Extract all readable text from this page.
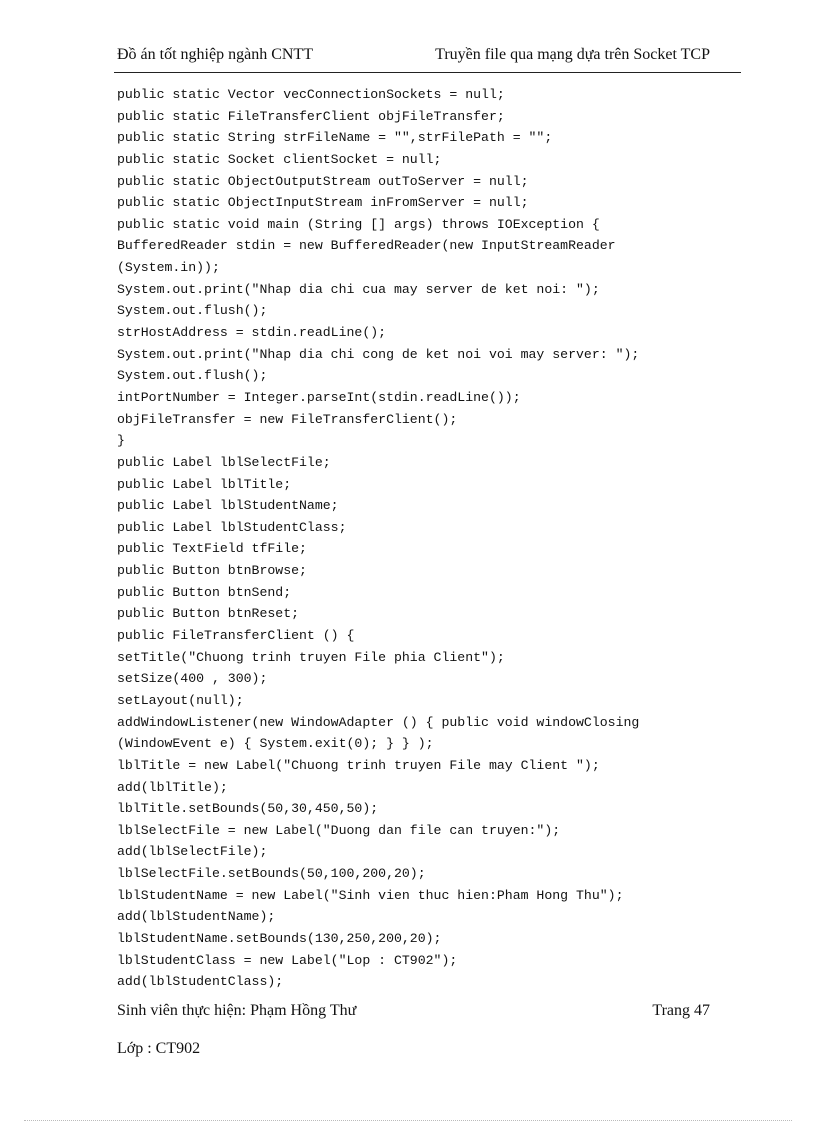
Đồ án tốt nghiệp ngành CNTT	Truyền file qua mạng dựa trên Socket TCP
public static Vector vecConnectionSockets = null;
public static FileTransferClient objFileTransfer;
public static String strFileName = "",strFilePath = "";
public static Socket clientSocket = null;
public static ObjectOutputStream outToServer = null;
public static ObjectInputStream inFromServer = null;
public static void main (String [] args) throws IOException {
BufferedReader stdin = new BufferedReader(new InputStreamReader
(System.in));
System.out.print("Nhap dia chi cua may server de ket noi: ");
System.out.flush();
strHostAddress = stdin.readLine();
System.out.print("Nhap dia chi cong de ket noi voi may server: ");
System.out.flush();
intPortNumber = Integer.parseInt(stdin.readLine());
objFileTransfer = new FileTransferClient();
}
public Label lblSelectFile;
public Label lblTitle;
public Label lblStudentName;
public Label lblStudentClass;
public TextField tfFile;
public Button btnBrowse;
public Button btnSend;
public Button btnReset;
public FileTransferClient () {
setTitle("Chuong trinh truyen File phia Client");
setSize(400 , 300);
setLayout(null);
addWindowListener(new WindowAdapter () { public void windowClosing
(WindowEvent e) { System.exit(0); } } );
lblTitle = new Label("Chuong trinh truyen File may Client ");
add(lblTitle);
lblTitle.setBounds(50,30,450,50);
lblSelectFile = new Label("Duong dan file can truyen:");
add(lblSelectFile);
lblSelectFile.setBounds(50,100,200,20);
lblStudentName = new Label("Sinh vien thuc hien:Pham Hong Thu");
add(lblStudentName);
lblStudentName.setBounds(130,250,200,20);
lblStudentClass = new Label("Lop : CT902");
add(lblStudentClass);
Sinh viên thực hiện: Phạm Hồng Thư	Trang 47
Lớp : CT902
